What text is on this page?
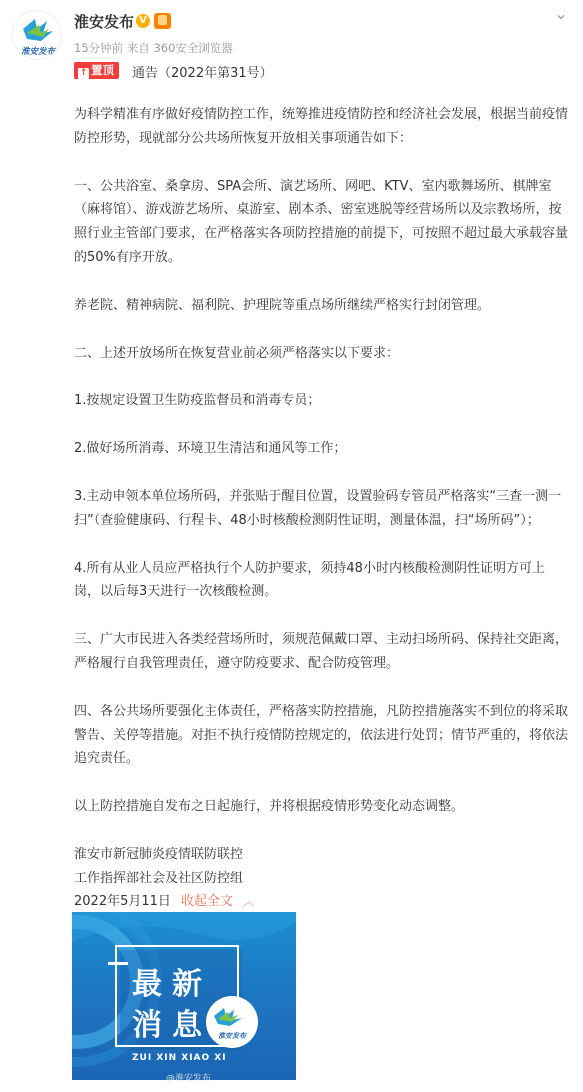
淮安发布
淮安发布 V	⌄
15分钟前 来自 360安全浏览器
↑ 置顶	通告（2022年第31号）

为科学精准有序做好疫情防控工作，统筹推进疫情防控和经济社会发展，根据当前疫情防控形势，现就部分公共场所恢复开放相关事项通告如下：

一、公共浴室、桑拿房、SPA会所、演艺场所、网吧、KTV、室内歌舞场所、棋牌室（麻将馆）、游戏游艺场所、桌游室、剧本杀、密室逃脱等经营场所以及宗教场所，按照行业主管部门要求，在严格落实各项防控措施的前提下，可按照不超过最大承载容量的50%有序开放。

养老院、精神病院、福利院、护理院等重点场所继续严格实行封闭管理。

二、上述开放场所在恢复营业前必须严格落实以下要求：

1.按规定设置卫生防疫监督员和消毒专员；

2.做好场所消毒、环境卫生清洁和通风等工作；

3.主动申领本单位场所码，并张贴于醒目位置，设置验码专管员严格落实“三查一测一扫”（查验健康码、行程卡、48小时核酸检测阴性证明，测量体温，扫“场所码”）；

4.所有从业人员应严格执行个人防护要求，须持48小时内核酸检测阴性证明方可上岗，以后每3天进行一次核酸检测。

三、广大市民进入各类经营场所时，须规范佩戴口罩、主动扫场所码、保持社交距离，严格履行自我管理责任，遵守防疫要求、配合防疫管理。

四、各公共场所要强化主体责任，严格落实防控措施，凡防控措施落实不到位的将采取警告、关停等措施。对拒不执行疫情防控规定的，依法进行处罚；情节严重的，将依法追究责任。

以上防控措施自发布之日起施行，并将根据疫情形势变化动态调整。

淮安市新冠肺炎疫情联防联控
工作指挥部社会及社区防控组
2022年5月11日 收起全文 ︿
最 新
消 息
ZUI XIN XIAO XI
淮安发布
@淮安发布
